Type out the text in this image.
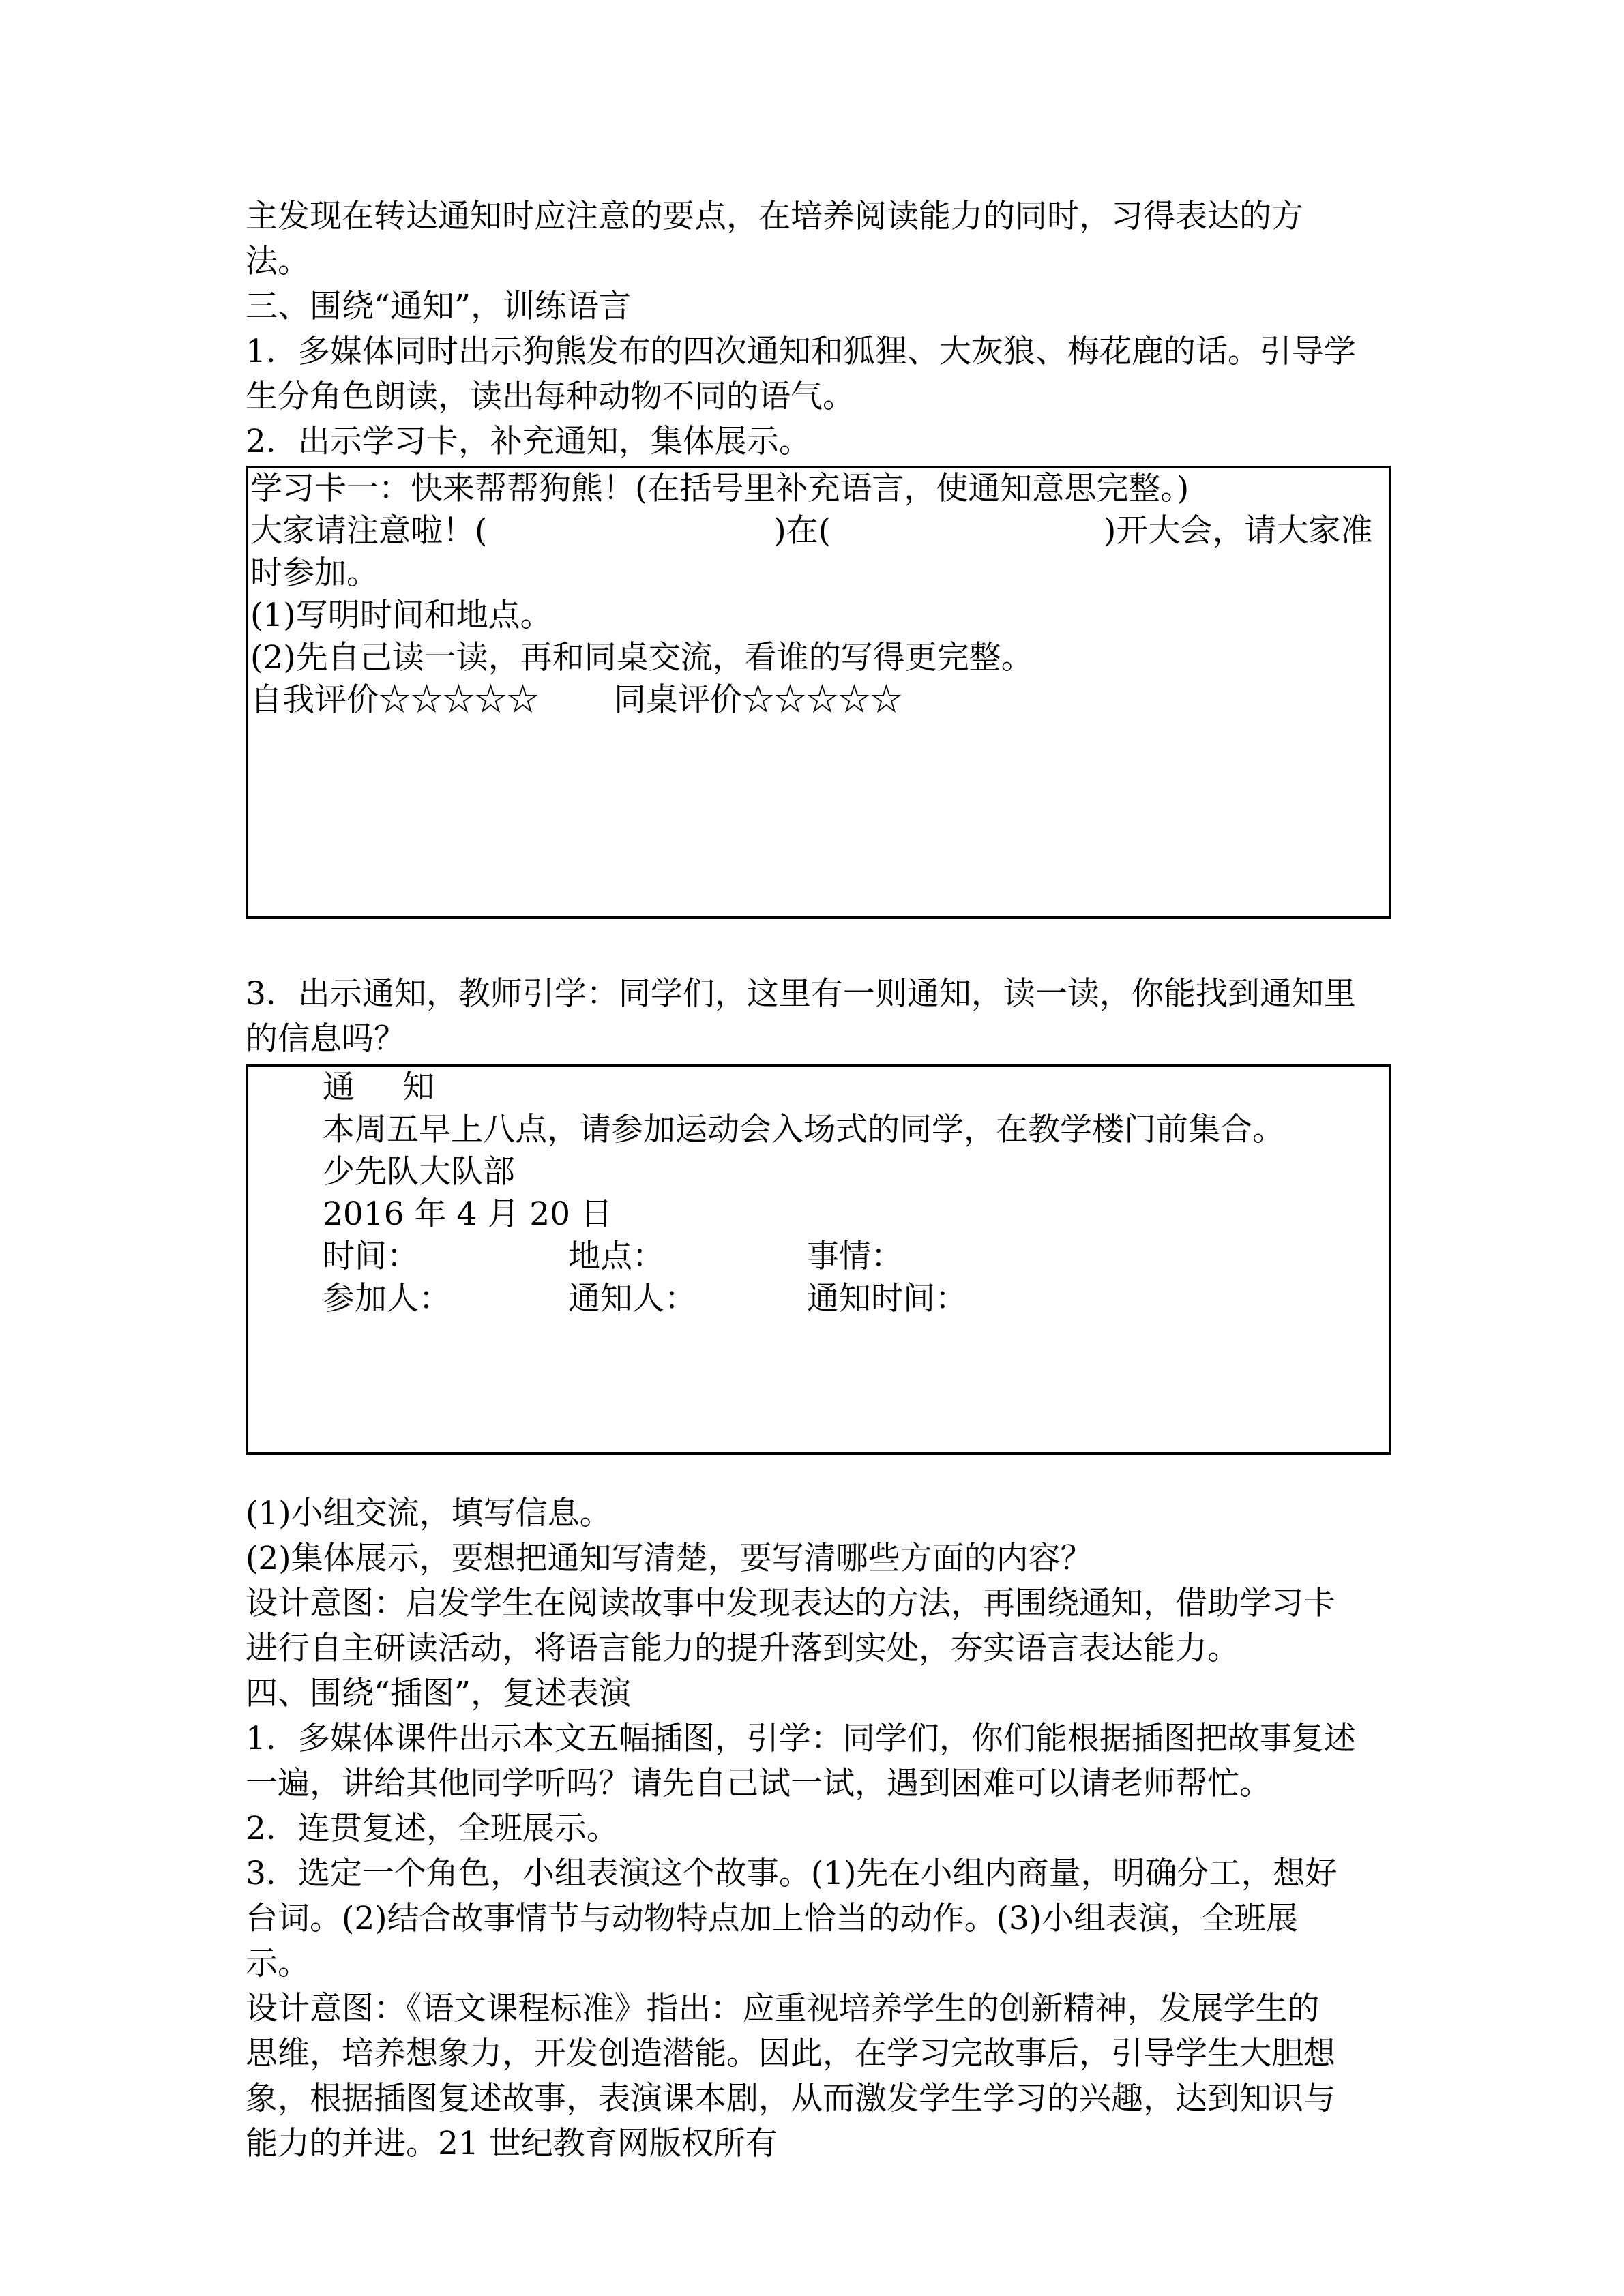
主发现在转达通知时应注意的要点，在培养阅读能力的同时，习得表达的方

法。

三、围绕“通知”，训练语言

1．多媒体同时出示狗熊发布的四次通知和狐狸、大灰狼、梅花鹿的话。引导学

生分角色朗读，读出每种动物不同的语气。

2．出示学习卡，补充通知，集体展示。

学习卡一：快来帮帮狗熊！(在括号里补充语言，使通知意思完整。)

大家请注意啦！(	)在(	)开大会，请大家准

时参加。

(1)写明时间和地点。

(2)先自己读一读，再和同桌交流，看谁的写得更完整。

自我评价☆☆☆☆☆ 同桌评价☆☆☆☆☆

3．出示通知，教师引学：同学们，这里有一则通知，读一读，你能找到通知里

的信息吗？

通 知

本周五早上八点，请参加运动会入场式的同学，在教学楼门前集合。

少先队大队部

2016 年 4 月 20 日

时间：	地点：	事情：

参加人：	通知人：	通知时间：

(1)小组交流，填写信息。

(2)集体展示，要想把通知写清楚，要写清哪些方面的内容？

设计意图：启发学生在阅读故事中发现表达的方法，再围绕通知，借助学习卡

进行自主研读活动，将语言能力的提升落到实处，夯实语言表达能力。

四、围绕“插图”，复述表演

1．多媒体课件出示本文五幅插图，引学：同学们，你们能根据插图把故事复述

一遍，讲给其他同学听吗？请先自己试一试，遇到困难可以请老师帮忙。

2．连贯复述，全班展示。

3．选定一个角色，小组表演这个故事。(1)先在小组内商量，明确分工，想好

台词。(2)结合故事情节与动物特点加上恰当的动作。(3)小组表演，全班展

示。

设计意图：《语文课程标准》指出：应重视培养学生的创新精神，发展学生的

思维，培养想象力，开发创造潜能。因此，在学习完故事后，引导学生大胆想

象，根据插图复述故事，表演课本剧，从而激发学生学习的兴趣，达到知识与

能力的并进。21 世纪教育网版权所有
